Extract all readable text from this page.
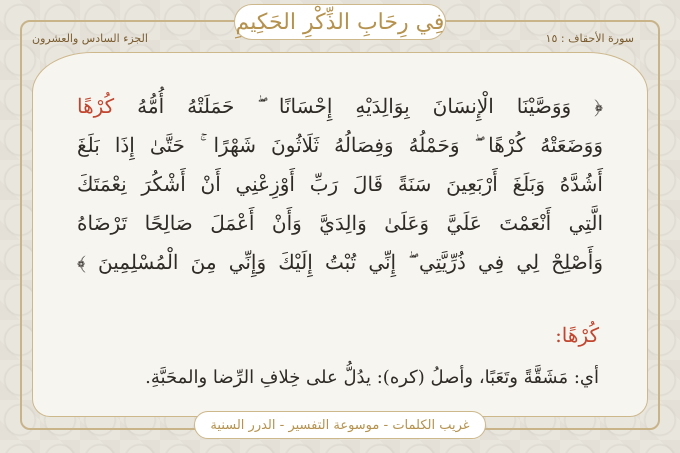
فِي رِحَابِ الذِّكْرِ الحَكِيمِ
سورة الأحقاف : ١٥
الجزء السادس والعشرون
﴿ وَوَصَّيْنَا الْإِنسَانَ بِوَالِدَيْهِ إِحْسَانًا ۖ حَمَلَتْهُ أُمُّهُ كُرْهًا
وَوَضَعَتْهُ كُرْهًا ۖ وَحَمْلُهُ وَفِصَالُهُ ثَلَاثُونَ شَهْرًا ۚ حَتَّىٰ إِذَا بَلَغَ
أَشُدَّهُ وَبَلَغَ أَرْبَعِينَ سَنَةً قَالَ رَبِّ أَوْزِعْنِي أَنْ أَشْكُرَ نِعْمَتَكَ
الَّتِي أَنْعَمْتَ عَلَيَّ وَعَلَىٰ وَالِدَيَّ وَأَنْ أَعْمَلَ صَالِحًا تَرْضَاهُ
وَأَصْلِحْ لِي فِي ذُرِّيَّتِي ۖ إِنِّي تُبْتُ إِلَيْكَ وَإِنِّي مِنَ الْمُسْلِمِينَ ﴾
كُرْهًا:
أي: مَشَقَّةً وتَعَبًا، وأصلُ (كره): يدُلُّ على خِلافِ الرِّضا والمحَبَّةِ.
غريب الكلمات - موسوعة التفسير - الدرر السنية
